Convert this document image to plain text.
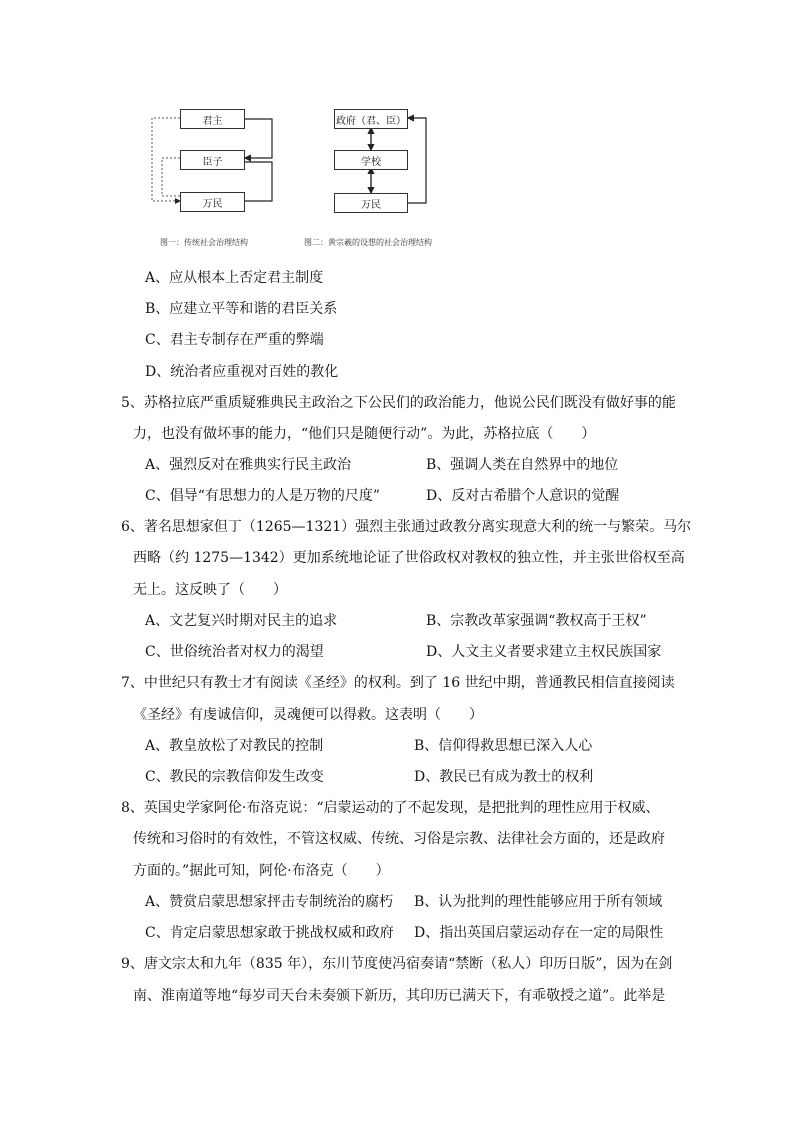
君主
臣子
万民
政府（君、臣）
学校
万民
图一：传统社会治理结构	图二：黄宗羲的设想的社会治理结构
A、应从根本上否定君主制度
B、应建立平等和谐的君臣关系
C、君主专制存在严重的弊端
D、统治者应重视对百姓的教化
5、苏格拉底严重质疑雅典民主政治之下公民们的政治能力，他说公民们既没有做好事的能
力，也没有做坏事的能力，“他们只是随便行动”。为此，苏格拉底（　　）
A、强烈反对在雅典实行民主政治	B、强调人类在自然界中的地位
C、倡导“有思想力的人是万物的尺度”	D、反对古希腊个人意识的觉醒
6、著名思想家但丁（1265—1321）强烈主张通过政教分离实现意大利的统一与繁荣。马尔
西略（约 1275—1342）更加系统地论证了世俗政权对教权的独立性，并主张世俗权至高
无上。这反映了（　　）
A、文艺复兴时期对民主的追求	B、宗教改革家强调“教权高于王权”
C、世俗统治者对权力的渴望	D、人文主义者要求建立主权民族国家
7、中世纪只有教士才有阅读《圣经》的权利。到了 16 世纪中期，普通教民相信直接阅读
《圣经》有虔诚信仰，灵魂便可以得救。这表明（　　）
A、教皇放松了对教民的控制	B、信仰得救思想已深入人心
C、教民的宗教信仰发生改变	D、教民已有成为教士的权利
8、英国史学家阿伦·布洛克说：“启蒙运动的了不起发现，是把批判的理性应用于权威、
传统和习俗时的有效性，不管这权威、传统、习俗是宗教、法律社会方面的，还是政府
方面的。”据此可知，阿伦·布洛克（　　）
A、赞赏启蒙思想家抨击专制统治的腐朽 B、认为批判的理性能够应用于所有领域
C、肯定启蒙思想家敢于挑战权威和政府 D、指出英国启蒙运动存在一定的局限性
9、唐文宗太和九年（835 年），东川节度使冯宿奏请“禁断（私人）印历日版”，因为在剑
南、淮南道等地“每岁司天台未奏颁下新历，其印历已满天下，有乖敬授之道”。此举是
